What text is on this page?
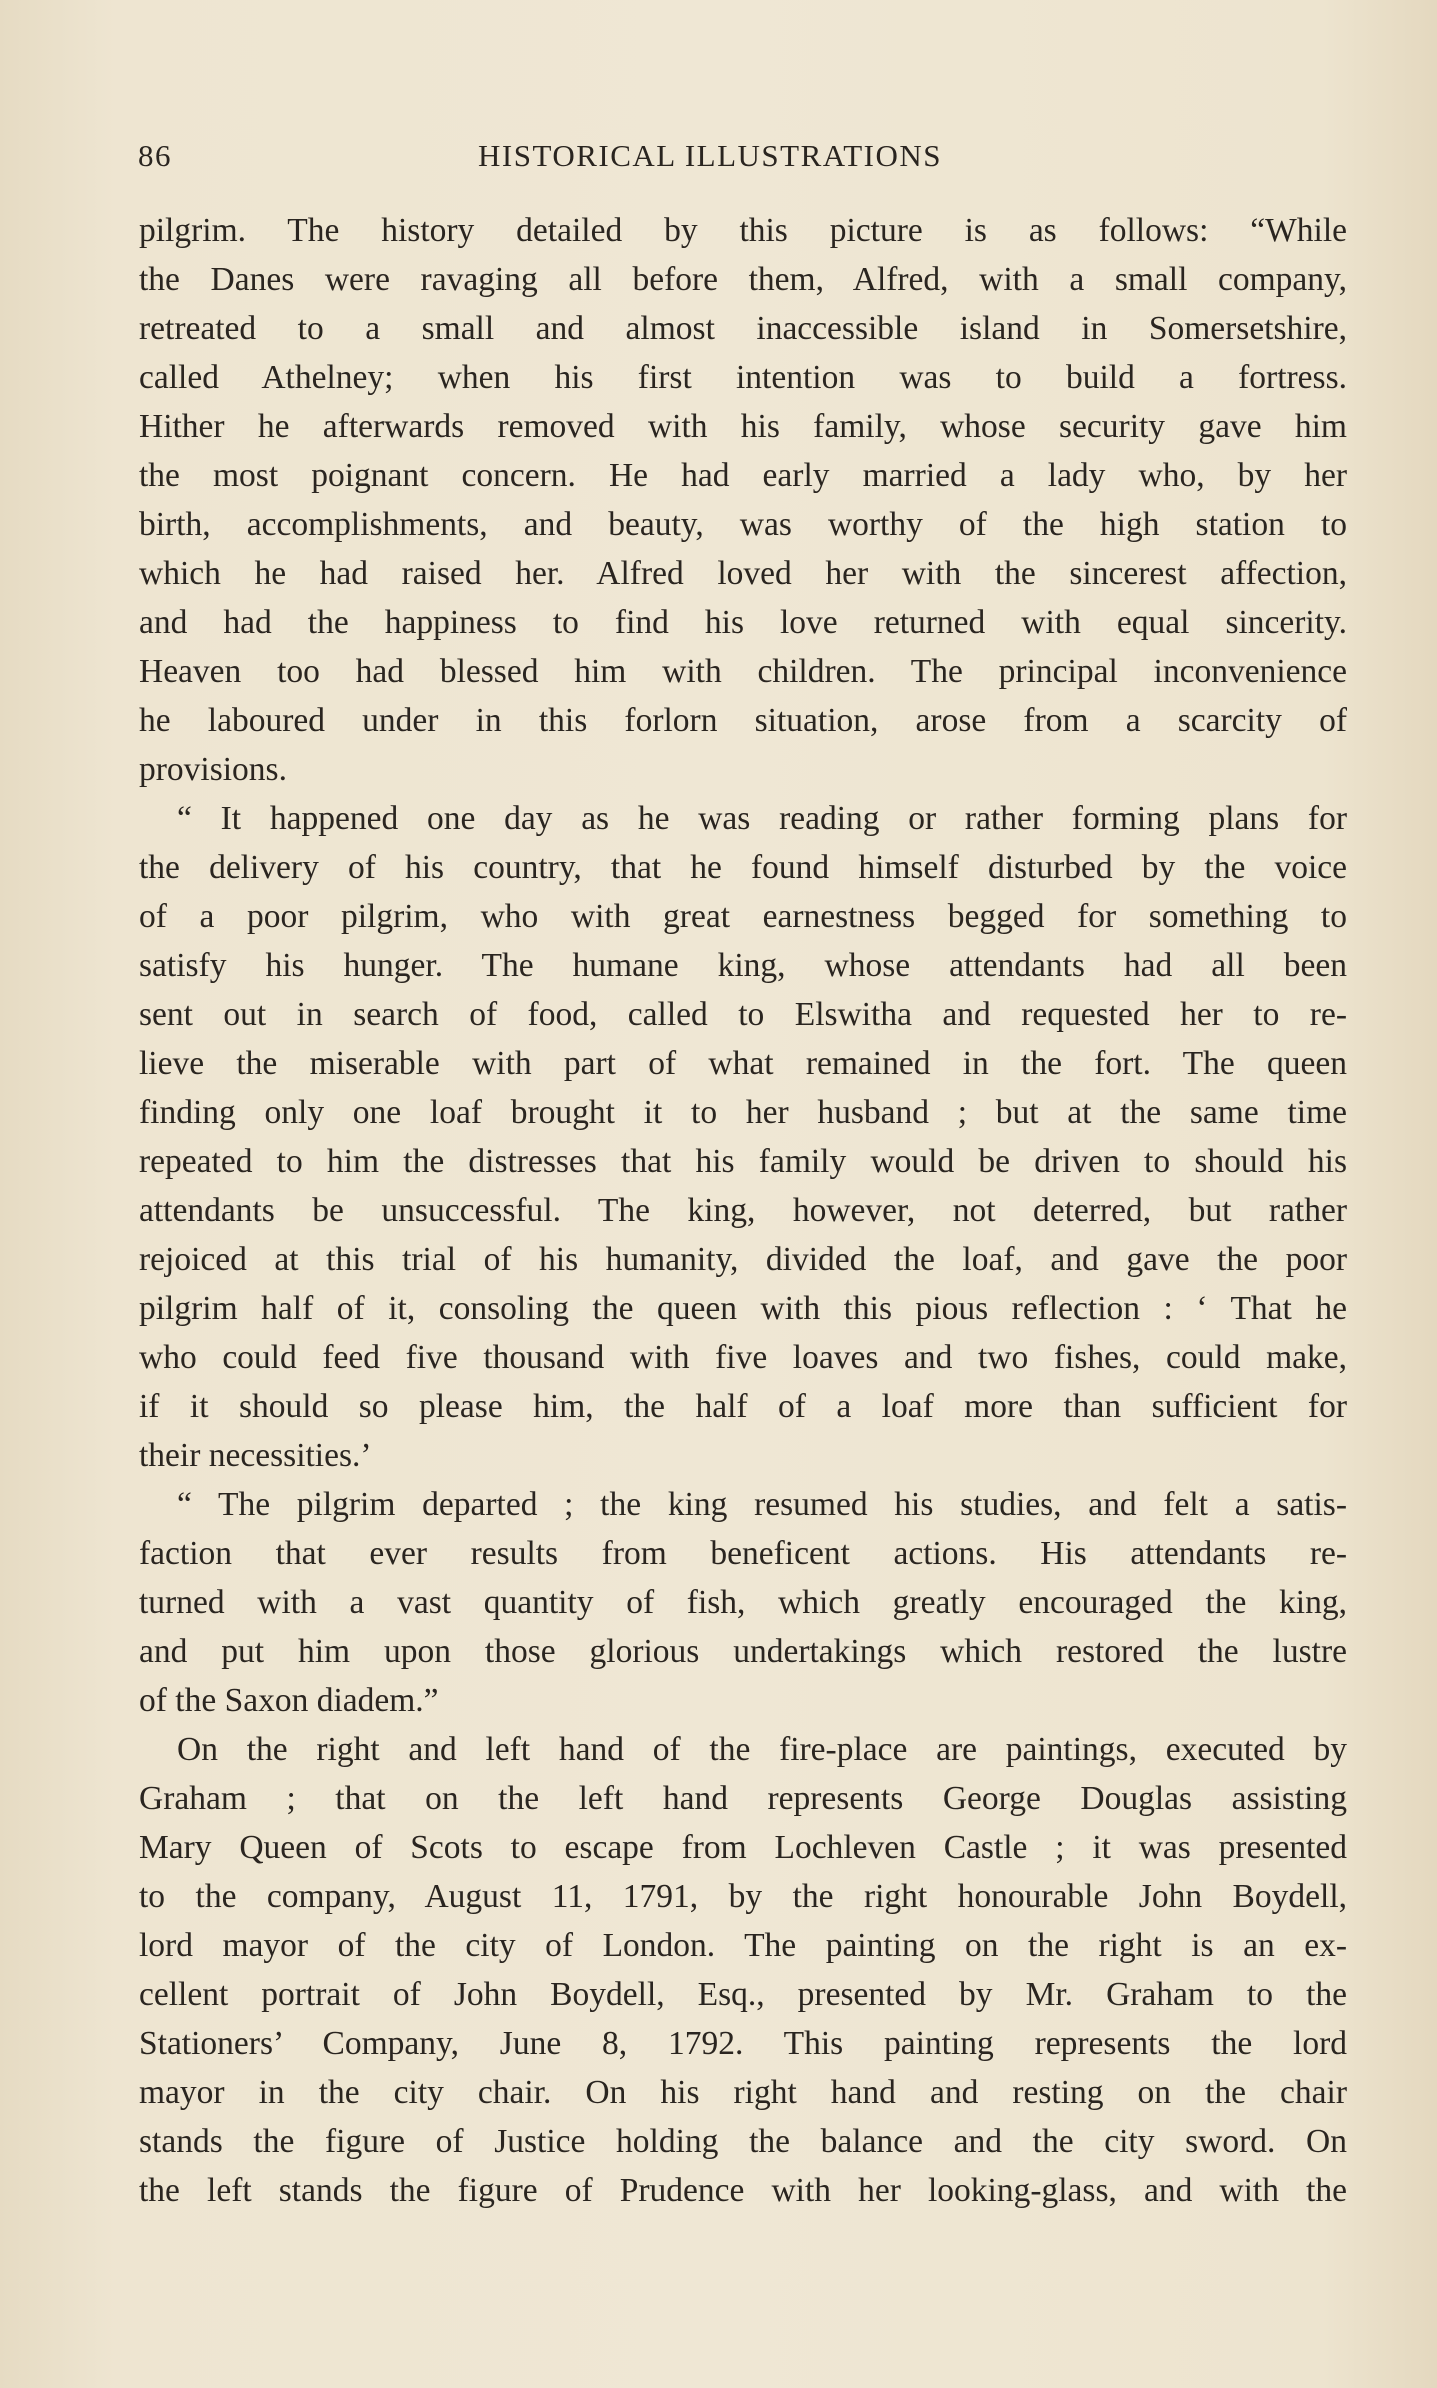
86	HISTORICAL ILLUSTRATIONS
pilgrim. The history detailed by this picture is as follows: “While
the Danes were ravaging all before them, Alfred, with a small company,
retreated to a small and almost inaccessible island in Somersetshire,
called Athelney; when his first intention was to build a fortress.
Hither he afterwards removed with his family, whose security gave him
the most poignant concern. He had early married a lady who, by her
birth, accomplishments, and beauty, was worthy of the high station to
which he had raised her. Alfred loved her with the sincerest affection,
and had the happiness to find his love returned with equal sincerity.
Heaven too had blessed him with children. The principal inconvenience
he laboured under in this forlorn situation, arose from a scarcity of
provisions.
“ It happened one day as he was reading or rather forming plans for
the delivery of his country, that he found himself disturbed by the voice
of a poor pilgrim, who with great earnestness begged for something to
satisfy his hunger. The humane king, whose attendants had all been
sent out in search of food, called to Elswitha and requested her to re-
lieve the miserable with part of what remained in the fort. The queen
finding only one loaf brought it to her husband ; but at the same time
repeated to him the distresses that his family would be driven to should his
attendants be unsuccessful. The king, however, not deterred, but rather
rejoiced at this trial of his humanity, divided the loaf, and gave the poor
pilgrim half of it, consoling the queen with this pious reflection : ‘ That he
who could feed five thousand with five loaves and two fishes, could make,
if it should so please him, the half of a loaf more than sufficient for
their necessities.’
“ The pilgrim departed ; the king resumed his studies, and felt a satis-
faction that ever results from beneficent actions. His attendants re-
turned with a vast quantity of fish, which greatly encouraged the king,
and put him upon those glorious undertakings which restored the lustre
of the Saxon diadem.”
On the right and left hand of the fire-place are paintings, executed by
Graham ; that on the left hand represents George Douglas assisting
Mary Queen of Scots to escape from Lochleven Castle ; it was presented
to the company, August 11, 1791, by the right honourable John Boydell,
lord mayor of the city of London. The painting on the right is an ex-
cellent portrait of John Boydell, Esq., presented by Mr. Graham to the
Stationers’ Company, June 8, 1792. This painting represents the lord
mayor in the city chair. On his right hand and resting on the chair
stands the figure of Justice holding the balance and the city sword. On
the left stands the figure of Prudence with her looking-glass, and with the
